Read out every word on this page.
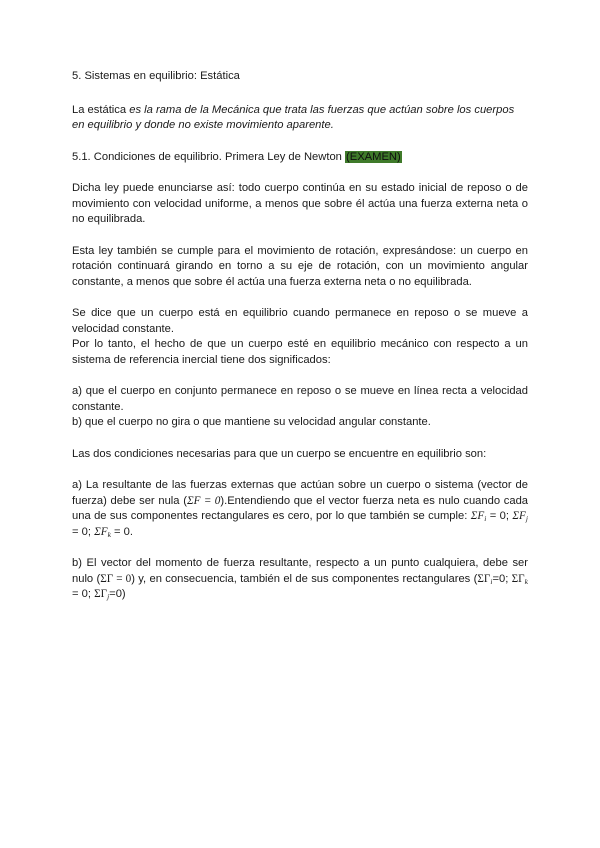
5. Sistemas en equilibrio: Estática

La estática es la rama de la Mecánica que trata las fuerzas que actúan sobre los cuerpos en equilibrio y donde no existe movimiento aparente.

5.1. Condiciones de equilibrio. Primera Ley de Newton (EXAMEN)

Dicha ley puede enunciarse así: todo cuerpo continúa en su estado inicial de reposo o de movimiento con velocidad uniforme, a menos que sobre él actúa una fuerza externa neta o no equilibrada.

Esta ley también se cumple para el movimiento de rotación, expresándose: un cuerpo en rotación continuará girando en torno a su eje de rotación, con un movimiento angular constante, a menos que sobre él actúa una fuerza externa neta o no equilibrada.

Se dice que un cuerpo está en equilibrio cuando permanece en reposo o se mueve a velocidad constante.

Por lo tanto, el hecho de que un cuerpo esté en equilibrio mecánico con respecto a un sistema de referencia inercial tiene dos significados:

a) que el cuerpo en conjunto permanece en reposo o se mueve en línea recta a velocidad constante.

b) que el cuerpo no gira o que mantiene su velocidad angular constante.

Las dos condiciones necesarias para que un cuerpo se encuentre en equilibrio son:

a) La resultante de las fuerzas externas que actúan sobre un cuerpo o sistema (vector de fuerza) debe ser nula (ΣF = 0).Entendiendo que el vector fuerza neta es nulo cuando cada una de sus componentes rectangulares es cero, por lo que también se cumple: $\Sigma F_i = 0$; $\Sigma F_j = 0$; $\Sigma F_k = 0$.

b) El vector del momento de fuerza resultante, respecto a un punto cualquiera, debe ser nulo (ΣΓ = 0) y, en consecuencia, también el de sus componentes rectangulares ($\Sigma\Gamma_i=0$; $\Sigma\Gamma_k = 0$; $\Sigma\Gamma_j=0$)
